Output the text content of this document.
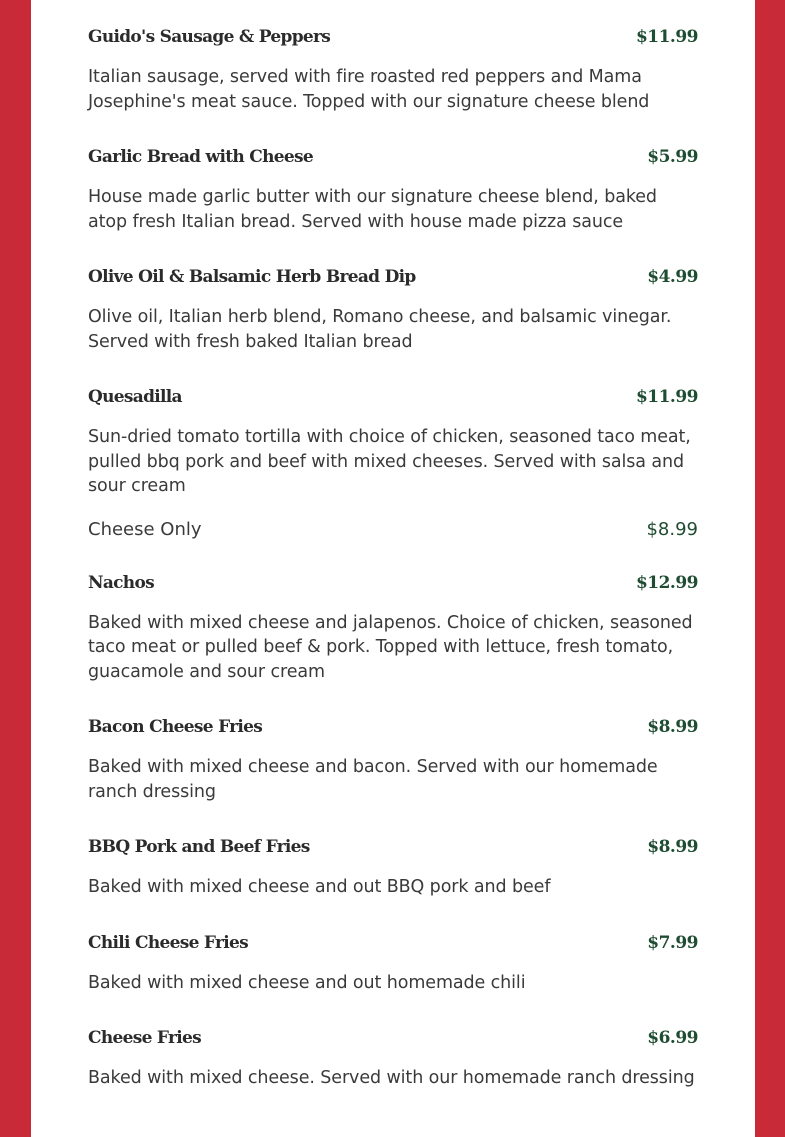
Guido's Sausage & Peppers	$11.99
Italian sausage, served with fire roasted red peppers and Mama Josephine's meat sauce. Topped with our signature cheese blend
Garlic Bread with Cheese	$5.99
House made garlic butter with our signature cheese blend, baked atop fresh Italian bread. Served with house made pizza sauce
Olive Oil & Balsamic Herb Bread Dip	$4.99
Olive oil, Italian herb blend, Romano cheese, and balsamic vinegar. Served with fresh baked Italian bread
Quesadilla	$11.99
Sun-dried tomato tortilla with choice of chicken, seasoned taco meat, pulled bbq pork and beef with mixed cheeses. Served with salsa and sour cream
Cheese Only	$8.99
Nachos	$12.99
Baked with mixed cheese and jalapenos. Choice of chicken, seasoned taco meat or pulled beef & pork. Topped with lettuce, fresh tomato, guacamole and sour cream
Bacon Cheese Fries	$8.99
Baked with mixed cheese and bacon. Served with our homemade ranch dressing
BBQ Pork and Beef Fries	$8.99
Baked with mixed cheese and out BBQ pork and beef
Chili Cheese Fries	$7.99
Baked with mixed cheese and out homemade chili
Cheese Fries	$6.99
Baked with mixed cheese. Served with our homemade ranch dressing
